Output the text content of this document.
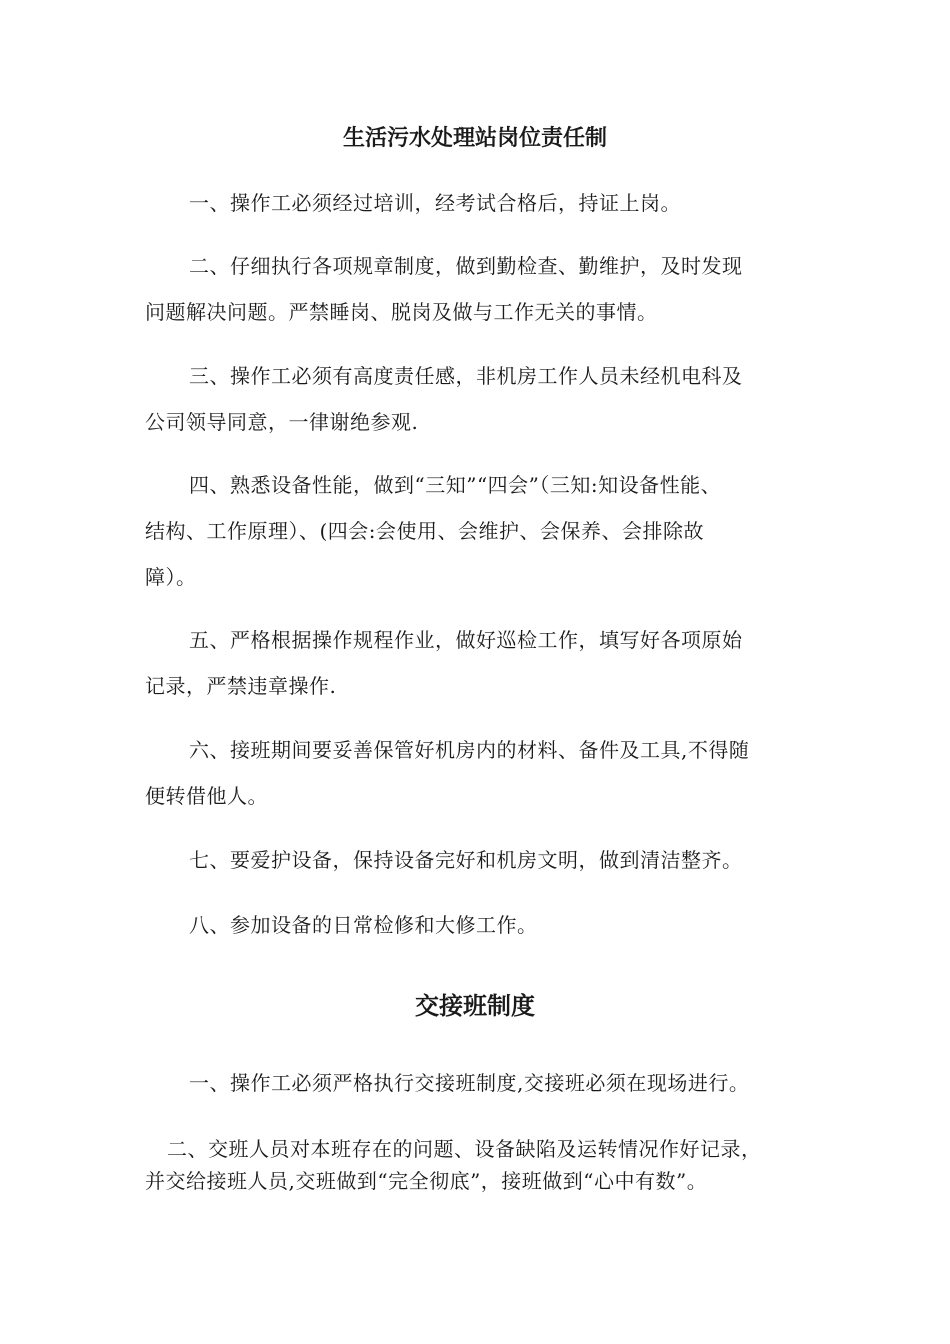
生活污水处理站岗位责任制

一、操作工必须经过培训，经考试合格后，持证上岗。

二、仔细执行各项规章制度，做到勤检查、勤维护，及时发现
问题解决问题。严禁睡岗、脱岗及做与工作无关的事情。

三、操作工必须有高度责任感，非机房工作人员未经机电科及
公司领导同意，一律谢绝参观.

四、熟悉设备性能，做到“三知”“四会”（三知:知设备性能、
结构、工作原理）、(四会:会使用、会维护、会保养、会排除故
障）。

五、严格根据操作规程作业，做好巡检工作，填写好各项原始
记录，严禁违章操作.

六、接班期间要妥善保管好机房内的材料、备件及工具,不得随
便转借他人。

七、要爱护设备，保持设备完好和机房文明，做到清洁整齐。

八、参加设备的日常检修和大修工作。

交接班制度

一、操作工必须严格执行交接班制度,交接班必须在现场进行。

二、交班人员对本班存在的问题、设备缺陷及运转情况作好记录，
并交给接班人员,交班做到“完全彻底”，接班做到“心中有数”。
